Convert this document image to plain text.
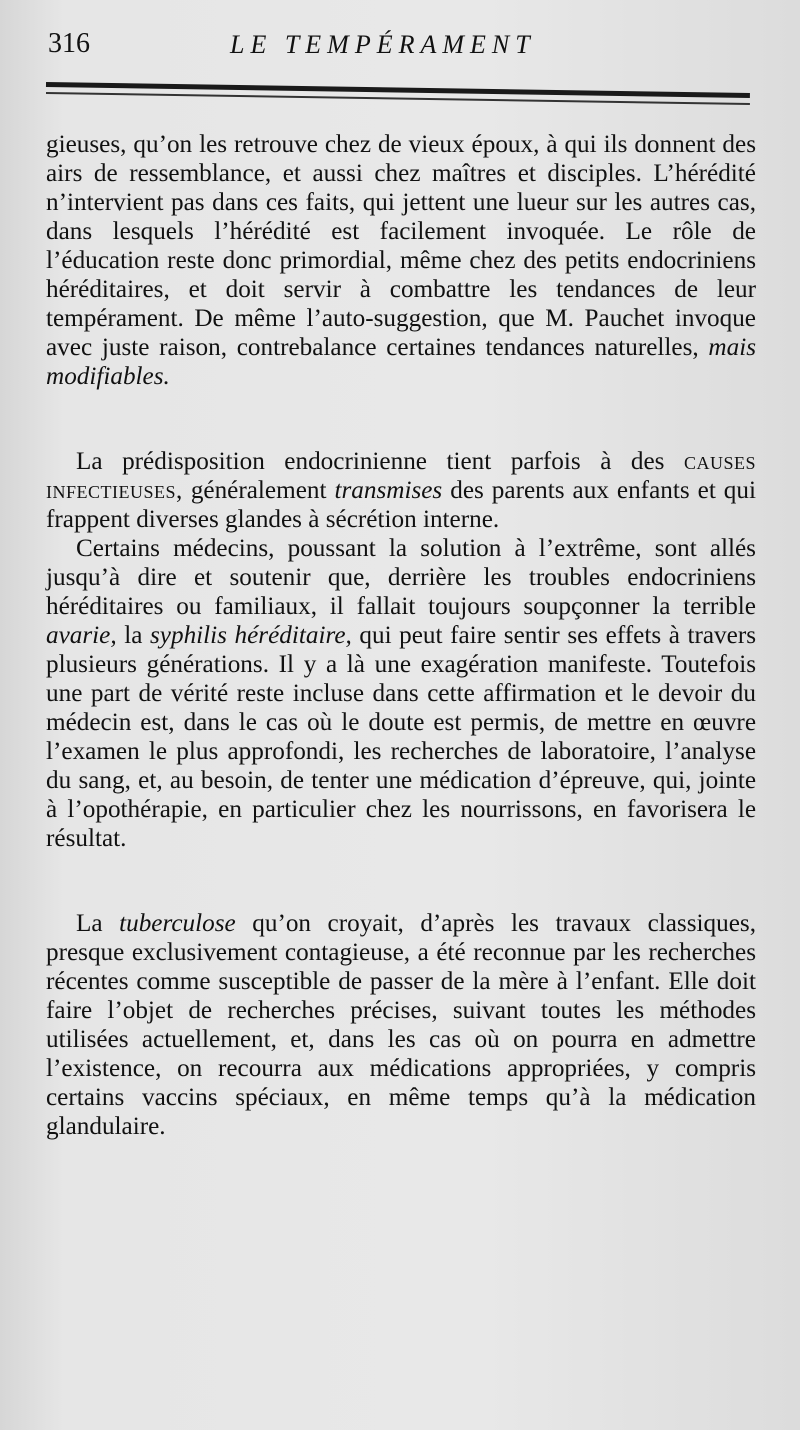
316	LE TEMPÉRAMENT

gieuses, qu’on les retrouve chez de vieux époux, à qui ils donnent des airs de ressemblance, et aussi chez maîtres et disciples. L’hérédité n’intervient pas dans ces faits, qui jettent une lueur sur les autres cas, dans lesquels l’hérédité est facilement invoquée. Le rôle de l’éducation reste donc primordial, même chez des petits endocriniens héréditaires, et doit servir à combattre les tendances de leur tempérament. De même l’auto-suggestion, que M. Pauchet invoque avec juste raison, contrebalance certaines tendances naturelles, mais modifiables.

La prédisposition endocrinienne tient parfois à des causes infectieuses, généralement transmises des parents aux enfants et qui frappent diverses glandes à sécrétion interne.

Certains médecins, poussant la solution à l’extrême, sont allés jusqu’à dire et soutenir que, derrière les troubles endocriniens héréditaires ou familiaux, il fallait toujours soupçonner la terrible avarie, la syphilis héréditaire, qui peut faire sentir ses effets à travers plusieurs générations. Il y a là une exagération manifeste. Toutefois une part de vérité reste incluse dans cette affirmation et le devoir du médecin est, dans le cas où le doute est permis, de mettre en œuvre l’examen le plus approfondi, les recherches de laboratoire, l’analyse du sang, et, au besoin, de tenter une médication d’épreuve, qui, jointe à l’opothérapie, en particulier chez les nourrissons, en favorisera le résultat.

La tuberculose qu’on croyait, d’après les travaux classiques, presque exclusivement contagieuse, a été reconnue par les recherches récentes comme susceptible de passer de la mère à l’enfant. Elle doit faire l’objet de recherches précises, suivant toutes les méthodes utilisées actuellement, et, dans les cas où on pourra en admettre l’existence, on recourra aux médications appropriées, y compris certains vaccins spéciaux, en même temps qu’à la médication glandulaire.
